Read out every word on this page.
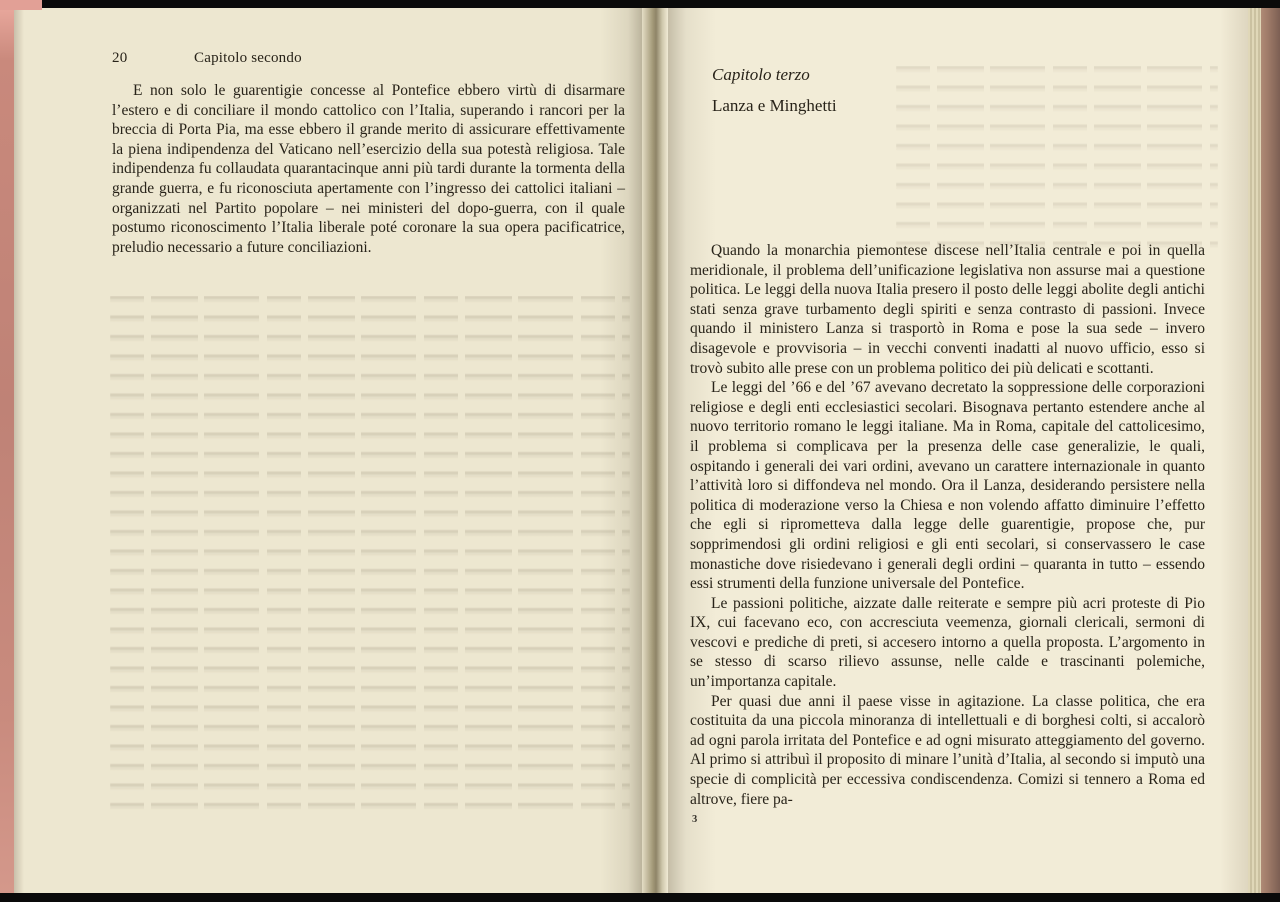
20	Capitolo secondo

E non solo le guarentigie concesse al Pontefice ebbero virtù di disarmare l’estero e di conciliare il mondo cattolico con l’Italia, superando i rancori per la breccia di Porta Pia, ma esse ebbero il grande merito di assicurare effettivamente la piena indipendenza del Vaticano nell’esercizio della sua potestà religiosa. Tale indipendenza fu collaudata quarantacinque anni più tardi durante la tormenta della grande guerra, e fu riconosciuta apertamente con l’ingresso dei cattolici italiani – organizzati nel Partito popolare – nei ministeri del dopo-guerra, con il quale postumo riconoscimento l’Italia liberale poté coronare la sua opera pacificatrice, preludio necessario a future conciliazioni.

Capitolo terzo
Lanza e Minghetti

Quando la monarchia piemontese discese nell’Italia centrale e poi in quella meridionale, il problema dell’unificazione legislativa non assurse mai a questione politica. Le leggi della nuova Italia presero il posto delle leggi abolite degli antichi stati senza grave turbamento degli spiriti e senza contrasto di passioni. Invece quando il ministero Lanza si trasportò in Roma e pose la sua sede – invero disagevole e provvisoria – in vecchi conventi inadatti al nuovo ufficio, esso si trovò subito alle prese con un problema politico dei più delicati e scottanti.

Le leggi del ’66 e del ’67 avevano decretato la soppressione delle corporazioni religiose e degli enti ecclesiastici secolari. Bisognava pertanto estendere anche al nuovo territorio romano le leggi italiane. Ma in Roma, capitale del cattolicesimo, il problema si complicava per la presenza delle case generalizie, le quali, ospitando i generali dei vari ordini, avevano un carattere internazionale in quanto l’attività loro si diffondeva nel mondo. Ora il Lanza, desiderando persistere nella politica di moderazione verso la Chiesa e non volendo affatto diminuire l’effetto che egli si riprometteva dalla legge delle guarentigie, propose che, pur sopprimendosi gli ordini religiosi e gli enti secolari, si conservassero le case monastiche dove risiedevano i generali degli ordini – quaranta in tutto – essendo essi strumenti della funzione universale del Pontefice.

Le passioni politiche, aizzate dalle reiterate e sempre più acri proteste di Pio IX, cui facevano eco, con accresciuta veemenza, giornali clericali, sermoni di vescovi e prediche di preti, si accesero intorno a quella proposta. L’argomento in se stesso di scarso rilievo assunse, nelle calde e trascinanti polemiche, un’importanza capitale.

Per quasi due anni il paese visse in agitazione. La classe politica, che era costituita da una piccola minoranza di intellettuali e di borghesi colti, si accalorò ad ogni parola irritata del Pontefice e ad ogni misurato atteggiamento del governo. Al primo si attribuì il proposito di minare l’unità d’Italia, al secondo si imputò una specie di complicità per eccessiva condiscendenza. Comizi si tennero a Roma ed altrove, fiere pa-

3
